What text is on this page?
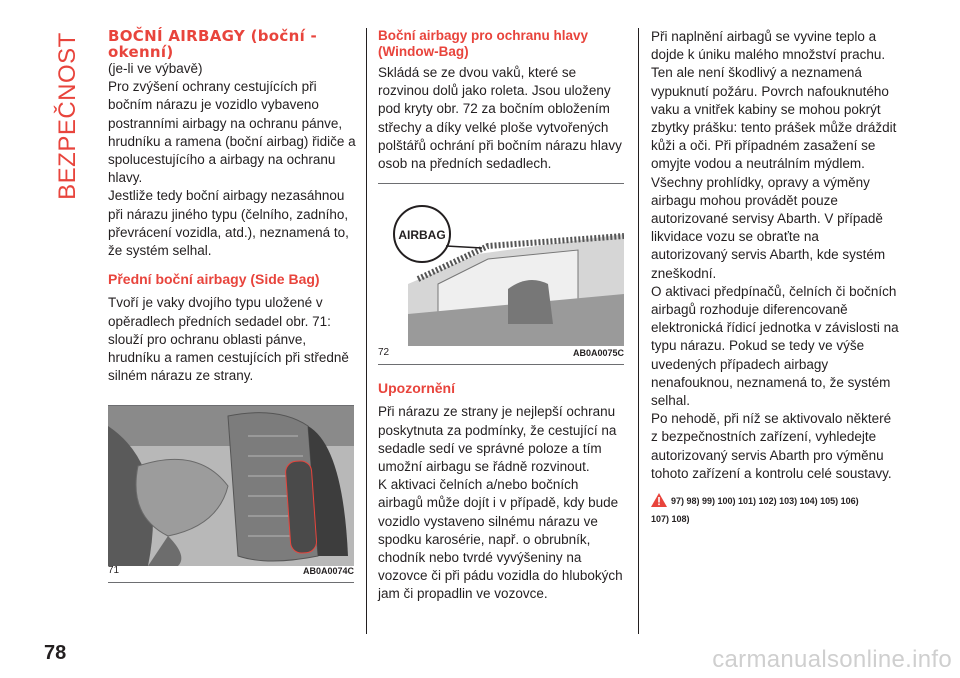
BEZPEČNOST BOČNÍ AIRBAGY (boční -
okenní)

(je-li ve výbavě)

Pro zvýšení ochrany cestujících při bočním nárazu je vozidlo vybaveno postranními airbagy na ochranu pánve, hrudníku a ramena (boční airbag) řidiče a spolucestujícího a airbagy na ochranu hlavy.

Jestliže tedy boční airbagy nezasáhnou při nárazu jiného typu (čelního, zadního, převrácení vozidla, atd.), neznamená to, že systém selhal.

Přední boční airbagy (Side Bag)

Tvoří je vaky dvojího typu uložené v opěradlech předních sedadel obr. 71: slouží pro ochranu oblasti pánve, hrudníku a ramen cestujících při středně silném nárazu ze strany.

71	AB0A0074C
Boční airbagy pro ochranu hlavy (Window-Bag)

Skládá se ze dvou vaků, které se rozvinou dolů jako roleta. Jsou uloženy pod kryty obr. 72 za bočním obložením střechy a díky velké ploše vytvořených polštářů ochrání při bočním nárazu hlavy osob na předních sedadlech.

AIRBAG
72	AB0A0075C
Upozornění

Při nárazu ze strany je nejlepší ochranu poskytnuta za podmínky, že cestující na sedadle sedí ve správné poloze a tím umožní airbagu se řádně rozvinout.

K aktivaci čelních a/nebo bočních airbagů může dojít i v případě, kdy bude vozidlo vystaveno silnému nárazu ve spodku karosérie, např. o obrubník, chodník nebo tvrdé vyvýšeniny na vozovce či při pádu vozidla do hlubokých jam či propadlin ve vozovce.

Při naplnění airbagů se vyvine teplo a dojde k úniku malého množství prachu. Ten ale není škodlivý a neznamená vypuknutí požáru. Povrch nafouknutého vaku a vnitřek kabiny se mohou pokrýt zbytky prášku: tento prášek může dráždit kůži a oči. Při případném zasažení se omyjte vodou a neutrálním mýdlem.

Všechny prohlídky, opravy a výměny airbagu mohou provádět pouze autorizované servisy Abarth. V případě likvidace vozu se obraťte na autorizovaný servis Abarth, kde systém zneškodní.

O aktivaci předpínačů, čelních či bočních airbagů rozhoduje diferencovaně elektronická řídicí jednotka v závislosti na typu nárazu. Pokud se tedy ve výše uvedených případech airbagy nenafouknou, neznamená to, že systém selhal.

Po nehodě, při níž se aktivovalo některé z bezpečnostních zařízení, vyhledejte autorizovaný servis Abarth pro výměnu tohoto zařízení a kontrolu celé soustavy.

97) 98) 99) 100) 101) 102) 103) 104) 105) 106)
107) 108)
78	carmanualsonline.info
